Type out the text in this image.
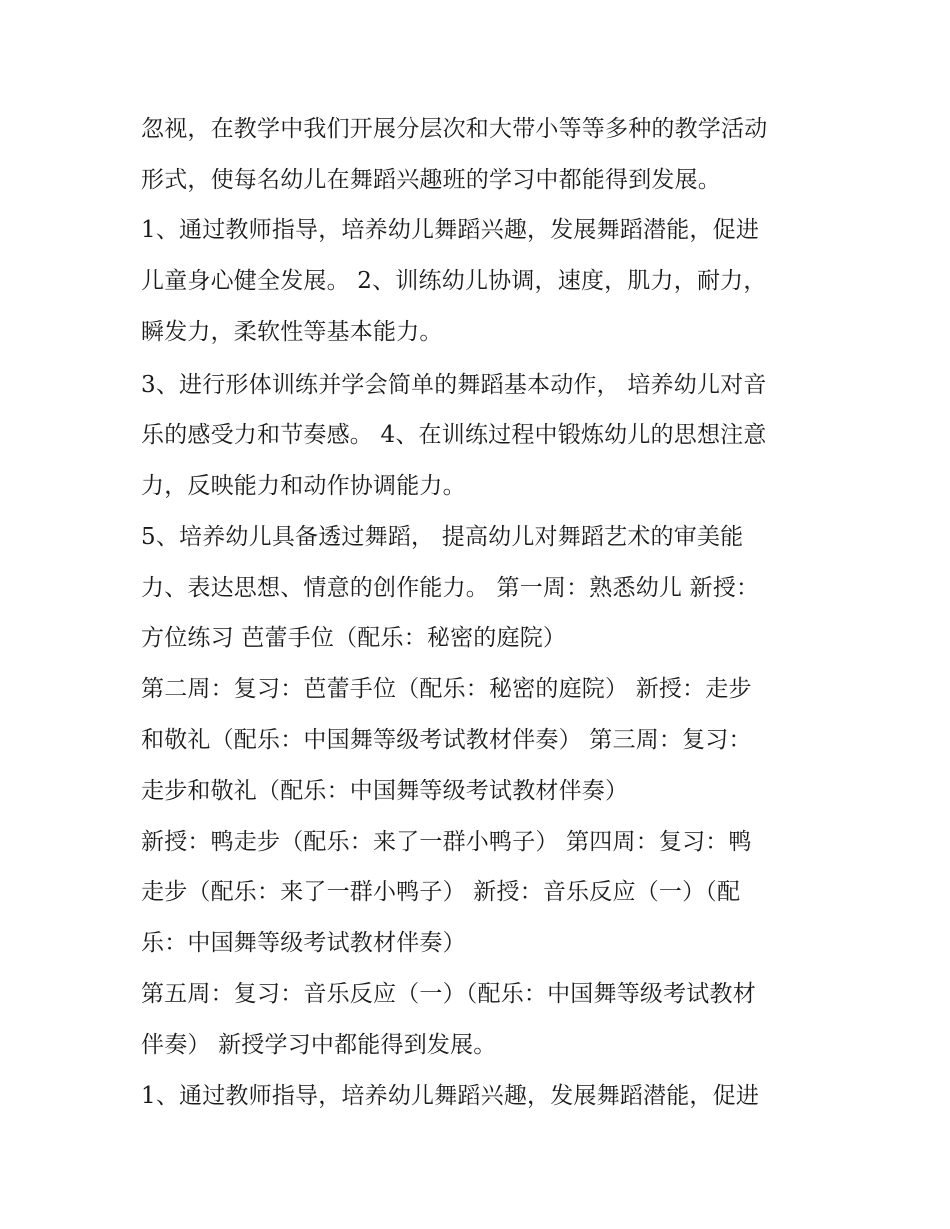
忽视，在教学中我们开展分层次和大带小等等多种的教学活动
形式，使每名幼儿在舞蹈兴趣班的学习中都能得到发展。
1、通过教师指导，培养幼儿舞蹈兴趣，发展舞蹈潜能，促进
儿童身心健全发展。 2、训练幼儿协调，速度，肌力，耐力，
瞬发力，柔软性等基本能力。
3、进行形体训练并学会简单的舞蹈基本动作， 培养幼儿对音
乐的感受力和节奏感。 4、在训练过程中锻炼幼儿的思想注意
力，反映能力和动作协调能力。
5、培养幼儿具备透过舞蹈， 提高幼儿对舞蹈艺术的审美能
力、表达思想、情意的创作能力。 第一周：熟悉幼儿 新授：
方位练习 芭蕾手位（配乐：秘密的庭院）
第二周：复习：芭蕾手位（配乐：秘密的庭院） 新授：走步
和敬礼（配乐：中国舞等级考试教材伴奏） 第三周：复习：
走步和敬礼（配乐：中国舞等级考试教材伴奏）
新授：鸭走步（配乐：来了一群小鸭子） 第四周：复习：鸭
走步（配乐：来了一群小鸭子） 新授：音乐反应（一）（配
乐：中国舞等级考试教材伴奏）
第五周：复习：音乐反应（一）（配乐：中国舞等级考试教材
伴奏） 新授学习中都能得到发展。
1、通过教师指导，培养幼儿舞蹈兴趣，发展舞蹈潜能，促进
